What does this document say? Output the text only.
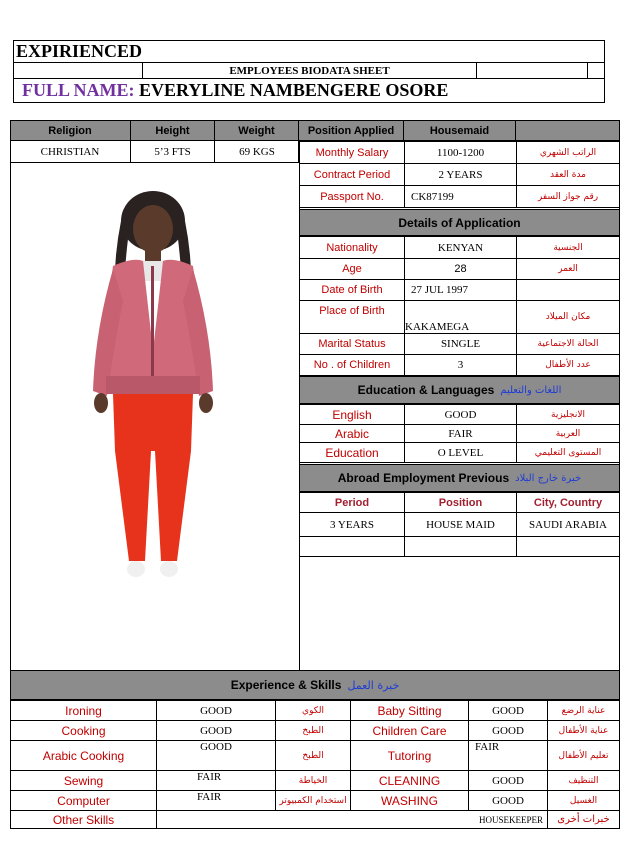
EXPIRIENCED
EMPLOYEES BIODATA SHEET
FULL NAME: EVERYLINE NAMBENGERE OSORE
Religion	Height	Weight	Position Applied	Housemaid
CHRISTIAN	5’3 FTS	69 KGS	Monthly Salary	1100-1200	الراتب الشهري
Contract Period	2 YEARS	مدة العقد
Passport No.	CK87199	رقم جواز السفر
Details of Application
Nationality	KENYAN	الجنسية
Age	28	العمر
Date of Birth	27 JUL 1997	
Place of Birth	KAKAMEGA	مكان الميلاد
Marital Status	SINGLE	الحالة الاجتماعية
No . of Children	3	عدد الأطفال
Education & Languages اللغات والتعليم
English	GOOD	الانجليزية
Arabic	FAIR	العربية
Education	O LEVEL	المستوى التعليمي
Abroad Employment Previous خبرة خارج البلاد
Period	Position	City, Country
3 YEARS	HOUSE MAID	SAUDI ARABIA

Experience & Skills خبرة العمل
Ironing	GOOD	الكوي	Baby Sitting	GOOD	عناية الرضع
Cooking	GOOD	الطبخ	Children Care	GOOD	عناية الأطفال
Arabic Cooking	GOOD	الطبخ	Tutoring	FAIR	تعليم الأطفال
Sewing	FAIR	الخياطة	CLEANING	GOOD	التنظيف
Computer	FAIR	استخدام الكمبيوتر	WASHING	GOOD	الغسيل
Other Skills	HOUSEKEEPER				خبرات أخرى
